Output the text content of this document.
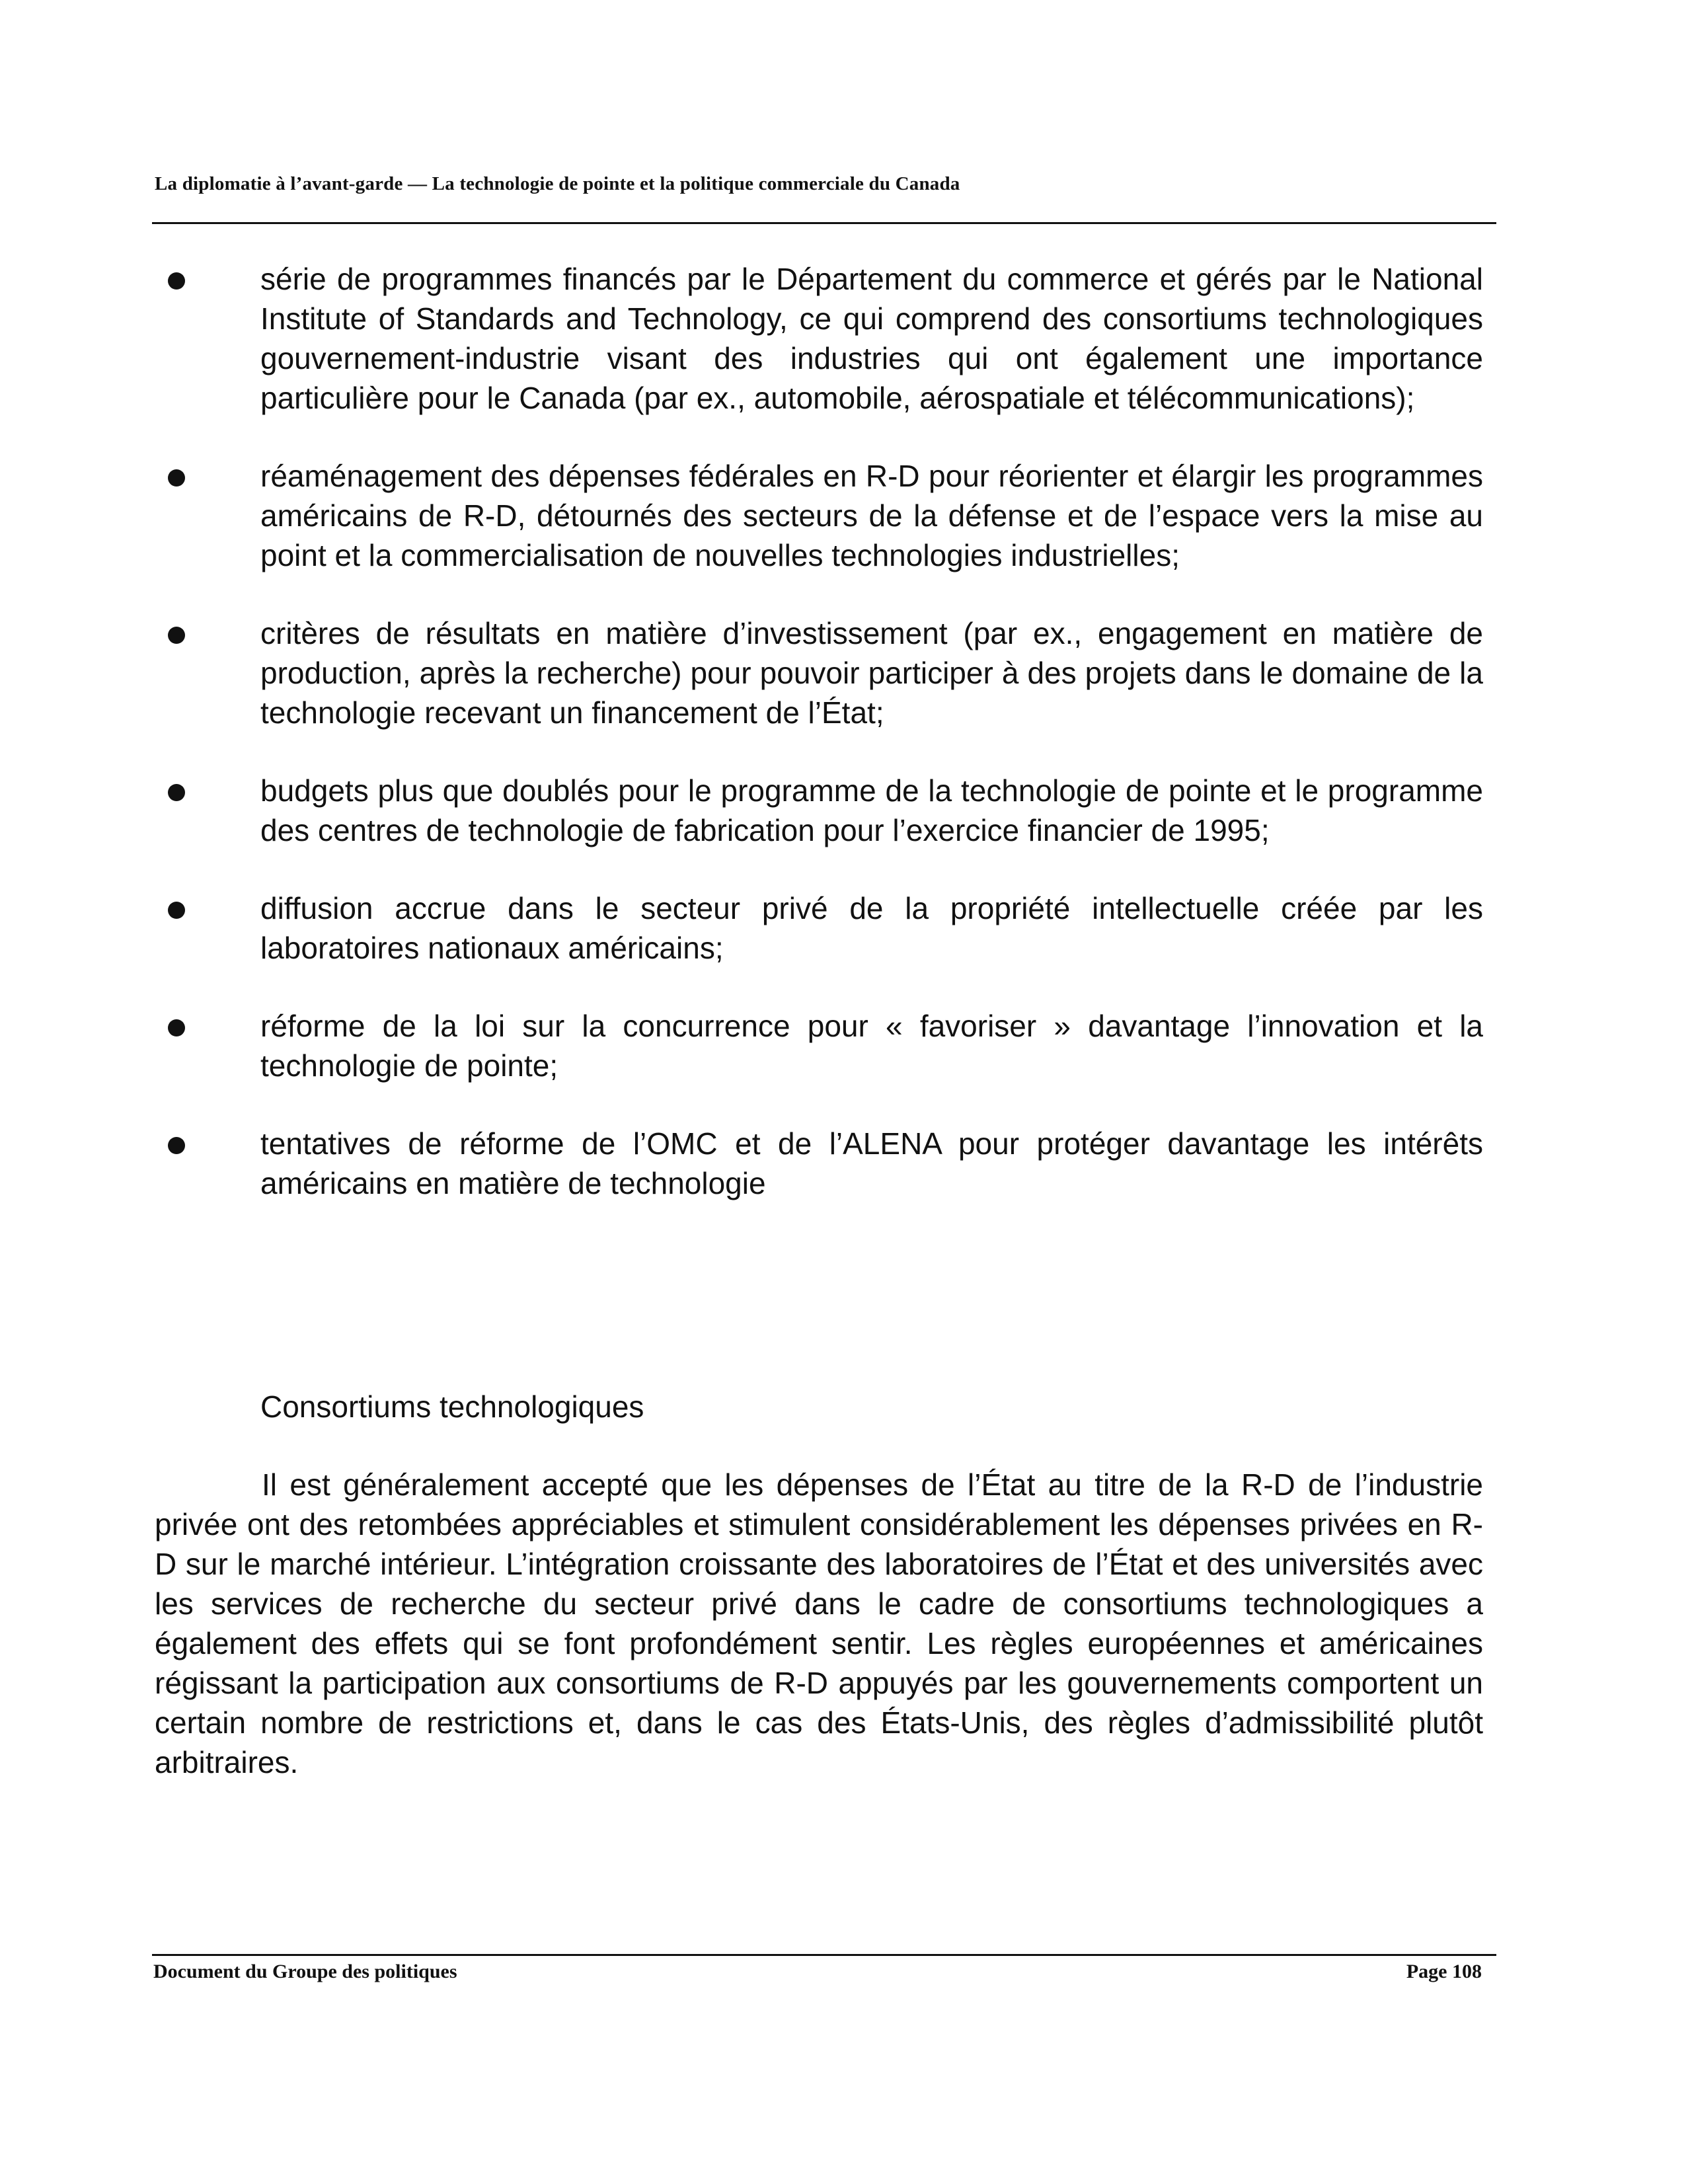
La diplomatie à l’avant-garde — La technologie de pointe et la politique commerciale du Canada
série de programmes financés par le Département du commerce et gérés par le National Institute of Standards and Technology, ce qui comprend des consortiums technologiques gouvernement-industrie visant des industries qui ont également une importance particulière pour le Canada (par ex., automobile, aérospatiale et télécommunications);
réaménagement des dépenses fédérales en R-D pour réorienter et élargir les programmes américains de R-D, détournés des secteurs de la défense et de l’espace vers la mise au point et la commercialisation de nouvelles technologies industrielles;
critères de résultats en matière d’investissement (par ex., engagement en matière de production, après la recherche) pour pouvoir participer à des projets dans le domaine de la technologie recevant un financement de l’État;
budgets plus que doublés pour le programme de la technologie de pointe et le programme des centres de technologie de fabrication pour l’exercice financier de 1995;
diffusion accrue dans le secteur privé de la propriété intellectuelle créée par les laboratoires nationaux américains;
réforme de la loi sur la concurrence pour « favoriser » davantage l’innovation et la technologie de pointe;
tentatives de réforme de l’OMC et de l’ALENA pour protéger davantage les intérêts américains en matière de technologie
Consortiums technologiques

Il est généralement accepté que les dépenses de l’État au titre de la R-D de l’industrie privée ont des retombées appréciables et stimulent considérablement les dépenses privées en R-D sur le marché intérieur. L’intégration croissante des laboratoires de l’État et des universités avec les services de recherche du secteur privé dans le cadre de consortiums technologiques a également des effets qui se font profondément sentir. Les règles européennes et américaines régissant la participation aux consortiums de R-D appuyés par les gouvernements comportent un certain nombre de restrictions et, dans le cas des États-Unis, des règles d’admissibilité plutôt arbitraires.

Document du Groupe des politiques	Page 108
